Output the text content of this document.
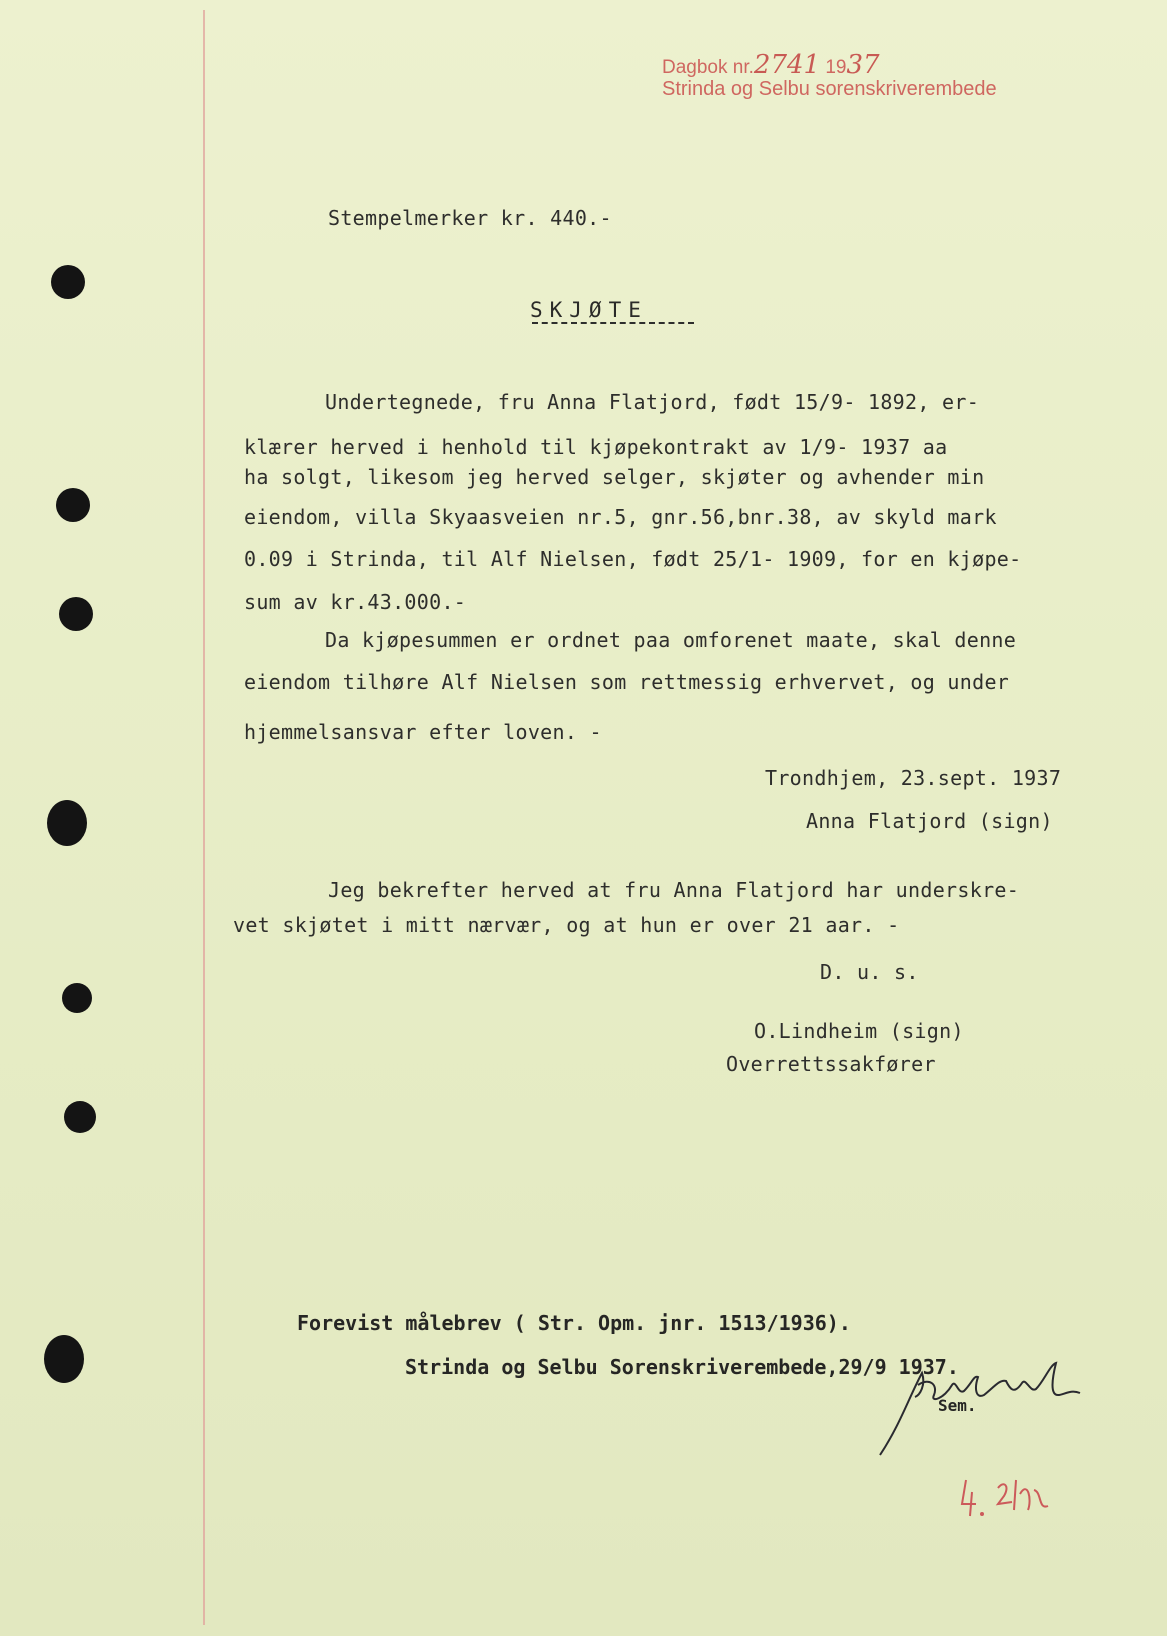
Dagbok nr.2741 1937
Strinda og Selbu sorenskriverembede
Stempelmerker kr. 440.-
SKJØTE
Undertegnede, fru Anna Flatjord, født 15/9- 1892, er-
klærer herved i henhold til kjøpekontrakt av 1/9- 1937 aa
ha solgt, likesom jeg herved selger, skjøter og avhender min
eiendom, villa Skyaasveien nr.5, gnr.56,bnr.38, av skyld mark
0.09 i Strinda, til Alf Nielsen, født 25/1- 1909, for en kjøpe-
sum av kr.43.000.-
Da kjøpesummen er ordnet paa omforenet maate, skal denne
eiendom tilhøre Alf Nielsen som rettmessig erhvervet, og under
hjemmelsansvar efter loven. -
Trondhjem, 23.sept. 1937
Anna Flatjord (sign)
Jeg bekrefter herved at fru Anna Flatjord har underskre-
vet skjøtet i mitt nærvær, og at hun er over 21 aar. -
D. u. s.
O.Lindheim (sign)
Overrettssakfører
Forevist målebrev ( Str. Opm. jnr. 1513/1936).
Strinda og Selbu Sorenskriverembede,29/9 1937.
Sem.
